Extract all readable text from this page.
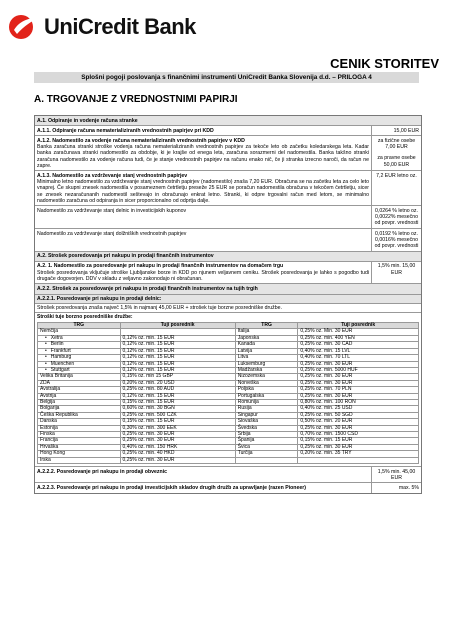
UniCredit Bank
CENIK STORITEV
Splošni pogoji poslovanja s finančnimi instrumenti UniCredit Banka Slovenija d.d. – PRILOGA 4
A. TRGOVANJE Z VREDNOSTNIMI PAPIRJI
A.1. Odpiranje in vodenje računa stranke
A.1.1. Odpiranje računa nematerializiranih vrednostnih papirjev pri KDD	15,00 EUR
A.1.2. Nadomestilo za vodenje računa nematerializiranih vrednostnih papirjev v KDD
Banka zaračuna stranki stroške vodenja računa nematerializiranih vrednostnih papirjev za tekoče leto ob začetku koledarskega leta. Kadar banka zaračunava stranki nadomestilo za obdobje, ki je krajše od enega leta, zaračuna sorazmerni del nadomestila. Banka takšno stranki zaračuna nadomestilo za vodenje računa tudi, če je stanje vrednostnih papirjev na računu enako nič, če ji stranka izrecno naroči, da račun ne zapre.
za fizične osebe 7,00 EUR
za pravne osebe 50,00 EUR
A.1.3. Nadomestilo za vzdrževanje stanj vrednostnih papirjev
Minimalno letno nadomestilo za vzdrževanje stanj vrednostnih papirjev (nadomestilo) znaša 7,20 EUR. Obračuna se na začetku leta za celo leto vnaprej. Če skupni znesek nadomestila v posameznem četrtletju preseže 25 EUR se poračun nadomestila obračuna v tekočem četrtletju, sicer se znesek nezaračunanih nadomestil seštevajo in obračunajo enkrat letno. Stranki, ki odpre trgovalni račun med letom, se minimalno nadomestilo zaračuna od odpiranja in sicer proporcionalno od odprtja dalje.
7,2 EUR letno oz.
Nadomestilo za vzdrževanje stanj delnic in investicijskih kuponov	0,0264 % letno oz. 0,0022% mesečno od povpr. vrednosti
Nadomestilo za vzdrževanje stanj dolžniških vrednostnih papirjev	0,0192 % letno oz. 0,0016% mesečno od povpr. vrednosti
A.2. Strošek posredovanja pri nakupu in prodaji finančnih instrumentov
A.2. 1. Nadomestilo za posredovanje pri nakupu in prodaji finančnih instrumentov na domačem trgu
Strošek posredovanja vključuje stroške Ljubljanske borze in KDD po njunem veljavnem ceniku. Strošek posredovanja je lahko s pogodbo tudi drugače dogovorjen. DDV v skladu z veljavno zakonodajo ni obračunan.
1,5% min. 15,00 EUR
A.2.2. Strošek za posredovanje pri nakupu in prodaji finančnih instrumentov na tujih trgih
A.2.2.1. Posredovanje pri nakupu in prodaji delnic:
Strošek posredovanja znaša največ 1,5% in najmanj 45,00 EUR + strošek tuje borzne posredniške družbe.
Stroški tuje borzno posredniške družbe:
TRG	Tuji posrednik	TRG	Tuji posrednik
Nemčija		Italija	0,25% oz. Min. 30 EUR
• Xetra	0,12% oz. min. 15 EUR	Japonska	0,25% oz. min. 400 YEN
• Berlin	0,12% oz. min. 15 EUR	Kanada	0,25% oz. min. 30 CAD
• Frankfurt	0,12% oz. min. 15 EUR	Latvija	0,40% oz. min. 15 LVL
• Hamburg	0,12% oz. min. 15 EUR	Litva	0,40% oz. min. 70 LTL
• Muenchen	0,12% oz. min. 15 EUR	Luksemburg	0,25% oz. min. 30 EUR
• Stuttgart	0,12% oz. min. 15 EUR	Madžarska	0,25% oz. min. 5000 HUF
Velika Britanija	0,15% oz. min 15 GBP	Nizozemska	0,25% oz. min. 30 EUR
ZDA	0,20% oz. min. 20 USD	Norveška	0,25% oz. min. 30 EUR
Avstralija	0,25% oz. min. 80 AUD	Poljska	0,25% oz. min. 70 PLN
Avstrija	0,12% oz. min. 15 EUR	Portugalska	0,25% oz. min. 30 EUR
Belgija	0,15% oz. min. 15 EUR	Romunija	0,80% oz. min. 100 RON
Bolgarija	0,60% oz. min. 30 BGN	Rusija	0,40% oz. min. 25 USD
Češka Republika	0,25% oz. min. 500 CZK	Singapur	0,25% oz. min. 50 SGD
Danska	0,15% oz. min. 15 EUR	Slovaška	0,50% oz. min. 20 EUR
Estonija	0,30% oz. min. 300 EEK	Švedska	0,25% oz. min. 30 EUR
Finska	0,25% oz. min. 30 EUR	Srbija	0,70% oz. min. 1500 CSD
Francija	0,25% oz. min. 30 EUR	Španija	0,15% oz. min. 15 EUR
Hrvaška	0,40% oz. min. 150 HRK	Švica	0,25% oz. min. 30 EUR
Hong Kong	0,25% oz. min. 40 HKD	Turčija	0,20% oz. min. 35 TRY
Irska	0,25% oz. min. 30 EUR		
A.2.2.2. Posredovanje pri nakupu in prodaji obveznic	1,5% min. 45,00 EUR
A.2.2.3. Posredovanje pri nakupu in prodaji investicijskih skladov drugih družb za upravljanje (razen Pioneer)	max. 5%
